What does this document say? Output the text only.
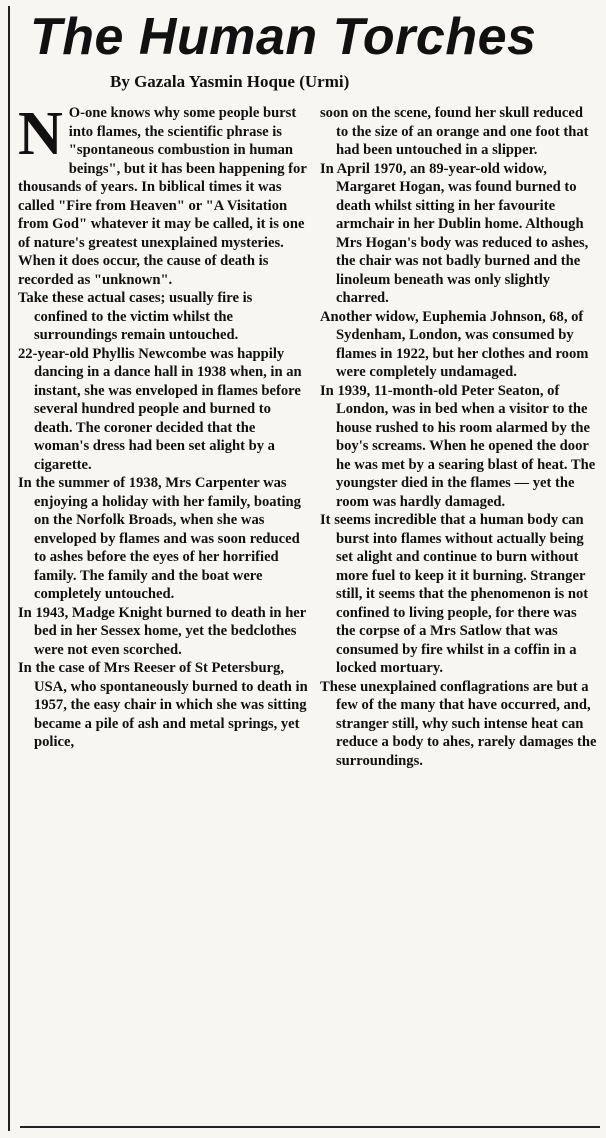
The Human Torches
By Gazala Yasmin Hoque (Urmi)

N O-one knows why some people burst into flames, the scientific phrase is "spontaneous combustion in human beings", but it has been happening for thousands of years. In biblical times it was called "Fire from Heaven" or "A Visitation from God" whatever it may be called, it is one of nature's greatest unexplained mysteries. When it does occur, the cause of death is recorded as "unknown".

Take these actual cases; usually fire is confined to the victim whilst the surroundings remain untouched.

22-year-old Phyllis Newcombe was happily dancing in a dance hall in 1938 when, in an instant, she was enveloped in flames before several hundred people and burned to death. The coroner decided that the woman's dress had been set alight by a cigarette.

In the summer of 1938, Mrs Carpenter was enjoying a holiday with her family, boating on the Norfolk Broads, when she was enveloped by flames and was soon reduced to ashes before the eyes of her horrified family. The family and the boat were completely untouched.

In 1943, Madge Knight burned to death in her bed in her Sessex home, yet the bedclothes were not even scorched.

In the case of Mrs Reeser of St Petersburg, USA, who spontaneously burned to death in 1957, the easy chair in which she was sitting became a pile of ash and metal springs, yet police,

soon on the scene, found her skull reduced to the size of an orange and one foot that had been untouched in a slipper.

In April 1970, an 89-year-old widow, Margaret Hogan, was found burned to death whilst sitting in her favourite armchair in her Dublin home. Although Mrs Hogan's body was reduced to ashes, the chair was not badly burned and the linoleum beneath was only slightly charred.

Another widow, Euphemia Johnson, 68, of Sydenham, London, was consumed by flames in 1922, but her clothes and room were completely undamaged.

In 1939, 11-month-old Peter Seaton, of London, was in bed when a visitor to the house rushed to his room alarmed by the boy's screams. When he opened the door he was met by a searing blast of heat. The youngster died in the flames — yet the room was hardly damaged.

It seems incredible that a human body can burst into flames without actually being set alight and continue to burn without more fuel to keep it it burning. Stranger still, it seems that the phenomenon is not confined to living people, for there was the corpse of a Mrs Satlow that was consumed by fire whilst in a coffin in a locked mortuary.

These unexplained conflagrations are but a few of the many that have occurred, and, stranger still, why such intense heat can reduce a body to ahes, rarely damages the surroundings.
